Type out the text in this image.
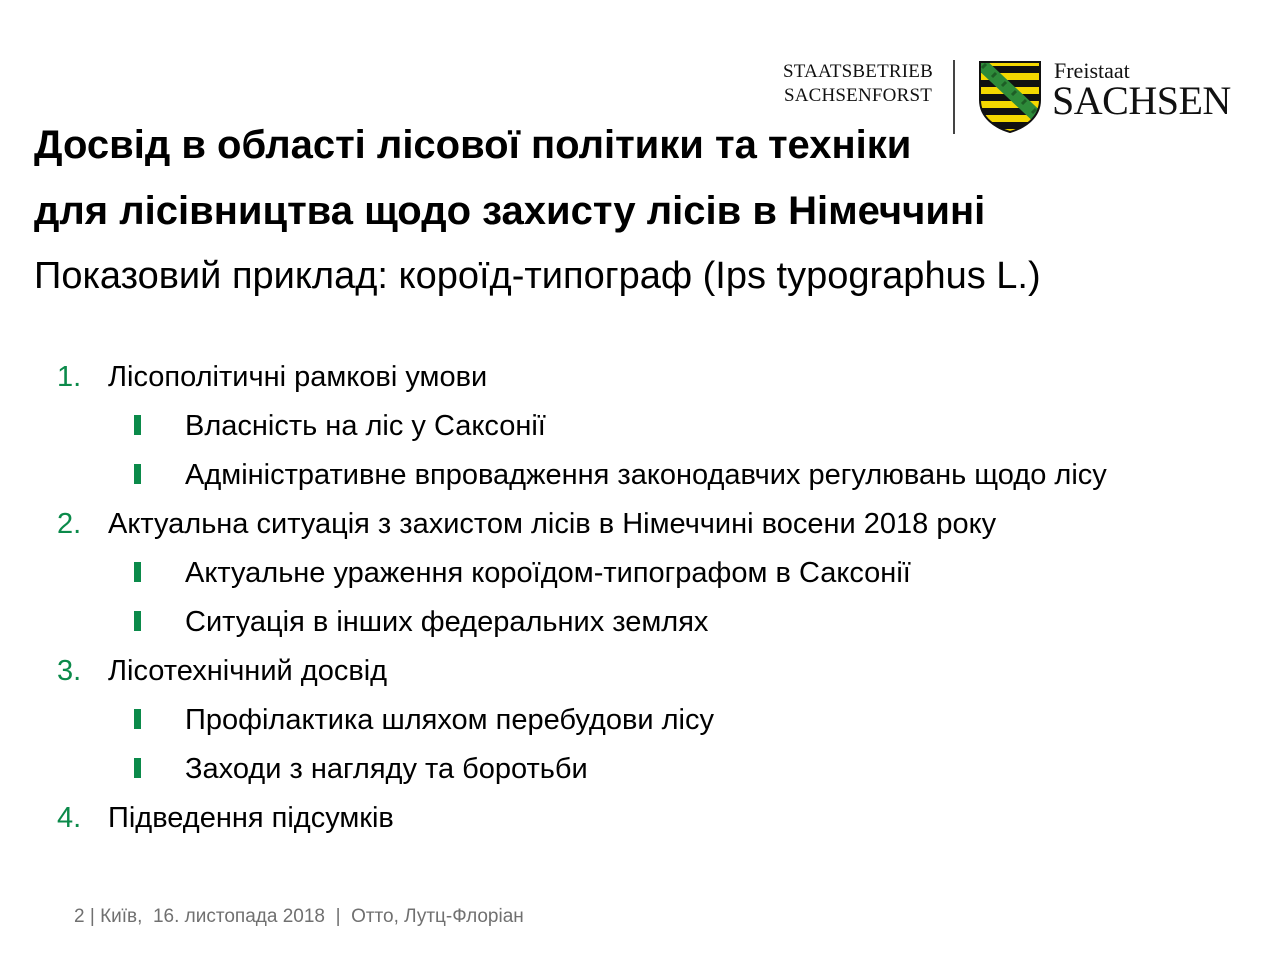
STAATSBETRIEB
SACHSENFORST
Freistaat
SACHSEN
Досвід в області лісової політики та техніки
для лісівництва щодо захисту лісів в Німеччині
Показовий приклад: короїд-типограф (Ips typographus L.)
1. Лісополітичні рамкові умови
Власність на ліс у Саксонії
Адміністративне впровадження законодавчих регулювань щодо лісу
2. Актуальна ситуація з захистом лісів в Німеччині восени 2018 року
Актуальне ураження короїдом-типографом в Саксонії
Ситуація в інших федеральних землях
3. Лісотехнічний досвід
Профілактика шляхом перебудови лісу
Заходи з нагляду та боротьби
4. Підведення підсумків
2 | Київ, 16. листопада 2018 | Отто, Лутц-Флоріан
